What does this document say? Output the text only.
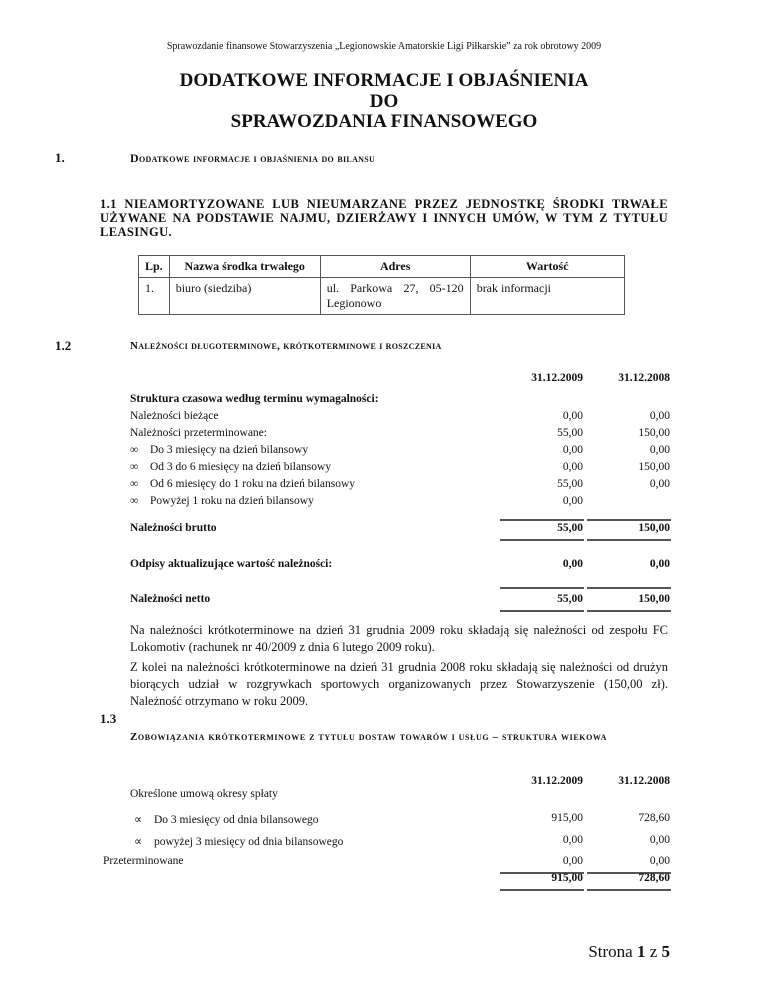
Sprawozdanie finansowe Stowarzyszenia „Legionowskie Amatorskie Ligi Piłkarskie” za rok obrotowy 2009
DODATKOWE INFORMACJE I OBJAŚNIENIA
DO
SPRAWOZDANIA FINANSOWEGO
1.	Dodatkowe informacje i objaśnienia do bilansu
1.1 NIEAMORTYZOWANE LUB NIEUMARZANE PRZEZ JEDNOSTKĘ ŚRODKI TRWAŁE UŻYWANE NA PODSTAWIE NAJMU, DZIERŻAWY I INNYCH UMÓW, W TYM Z TYTUŁU LEASINGU.
Lp.	Nazwa środka trwałego	Adres	Wartość
1.	biuro (siedziba)	ul. Parkowa 27, 05-120 Legionowo	brak informacji
1.2	Należności długoterminowe, krótkoterminowe i roszczenia
31.12.2009	31.12.2008
Struktura czasowa według terminu wymagalności:
Należności bieżące	0,00	0,00
Należności przeterminowane:	55,00	150,00
∞ Do 3 miesięcy na dzień bilansowy	0,00	0,00
∞ Od 3 do 6 miesięcy na dzień bilansowy	0,00	150,00
∞ Od 6 miesięcy do 1 roku na dzień bilansowy	55,00	0,00
∞ Powyżej 1 roku na dzień bilansowy	0,00
Należności brutto	55,00	150,00
Odpisy aktualizujące wartość należności:	0,00	0,00
Należności netto	55,00	150,00
Na należności krótkoterminowe na dzień 31 grudnia 2009 roku składają się należności od zespołu FC Lokomotiv (rachunek nr 40/2009 z dnia 6 lutego 2009 roku).
Z kolei na należności krótkoterminowe na dzień 31 grudnia 2008 roku składają się należności od drużyn biorących udział w rozgrywkach sportowych organizowanych przez Stowarzyszenie (150,00 zł). Należność otrzymano w roku 2009.
1.3
Zobowiązania krótkoterminowe z tytułu dostaw towarów i usług – struktura wiekowa
31.12.2009	31.12.2008
Określone umową okresy spłaty
∝ Do 3 miesięcy od dnia bilansowego	915,00	728,60
∝ powyżej 3 miesięcy od dnia bilansowego	0,00	0,00
Przeterminowane	0,00	0,00
915,00	728,60
Strona 1 z 5
